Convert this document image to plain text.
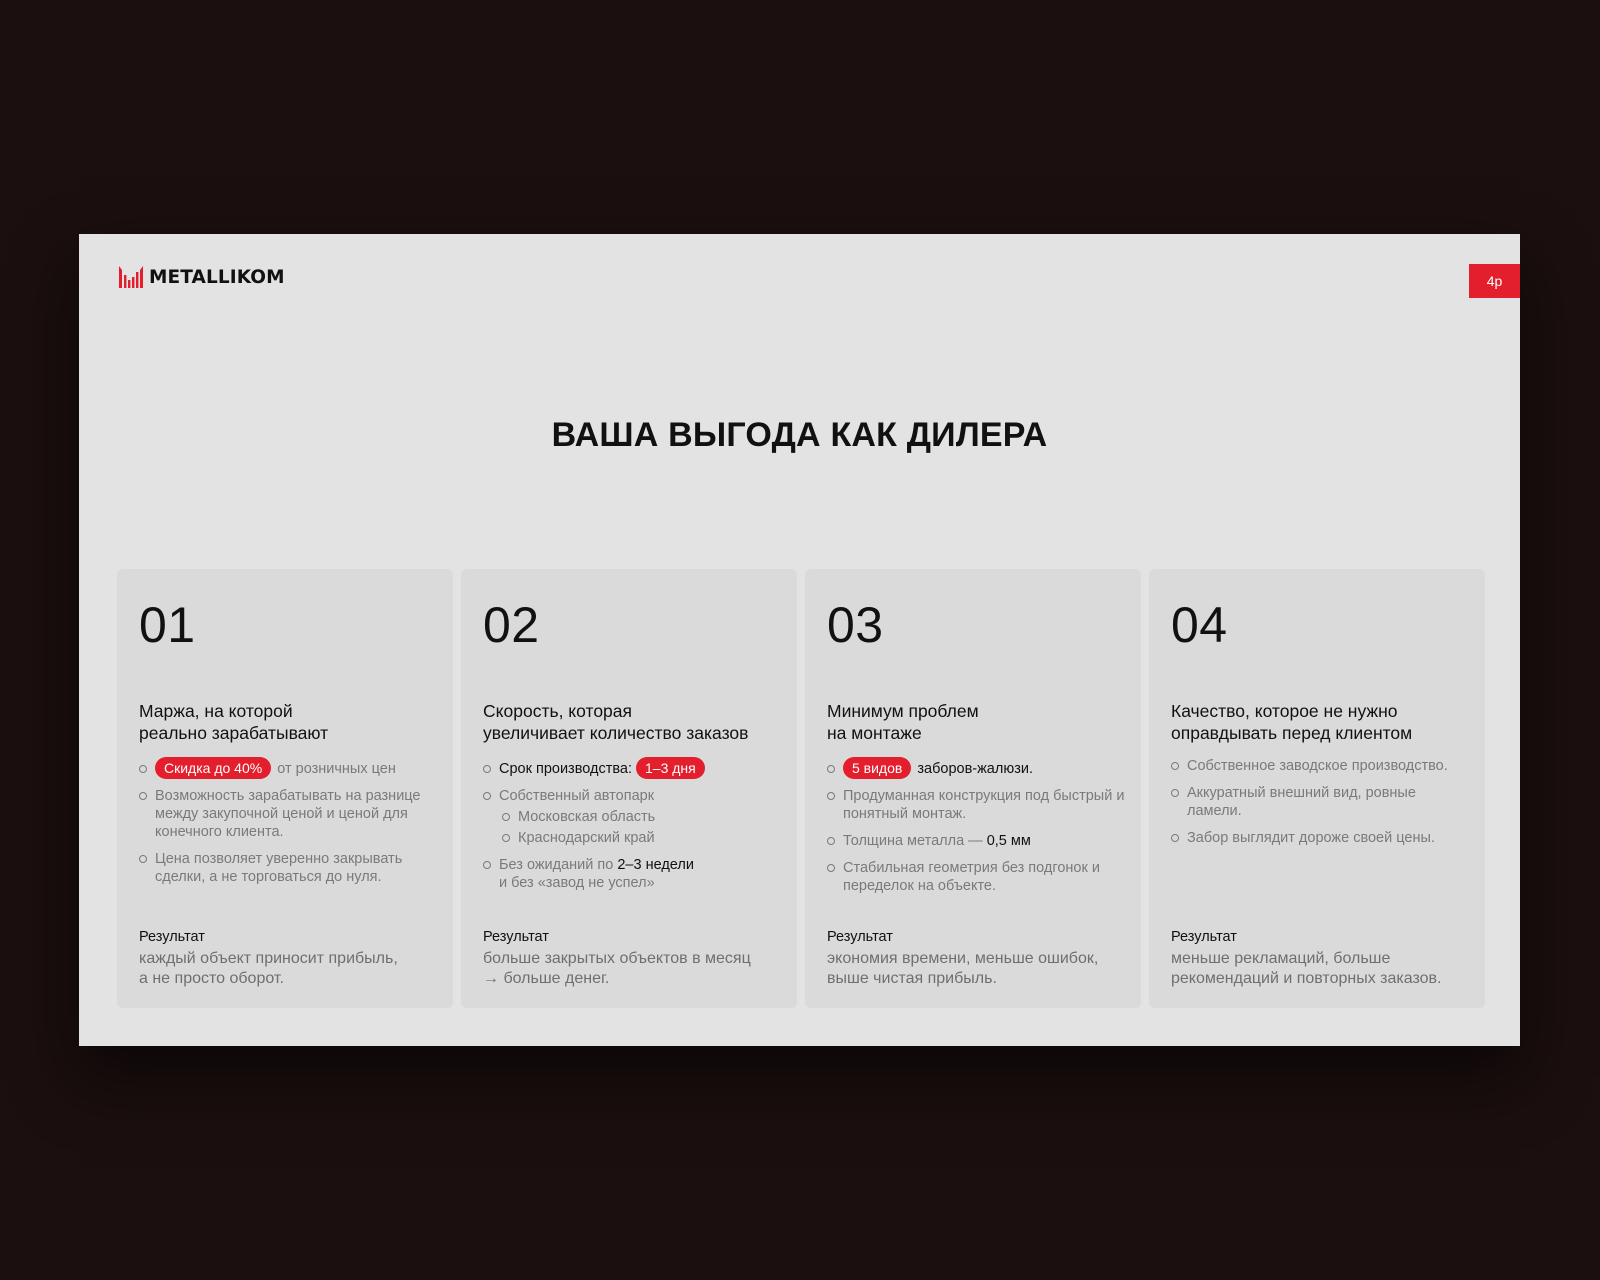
METALLIKOM	4р
ВАША ВЫГОДА КАК ДИЛЕРА
01
Маржа, на которой
реально зарабатывают
Скидка до 40% от розничных цен
Возможность зарабатывать на разнице между закупочной ценой и ценой для конечного клиента.
Цена позволяет уверенно закрывать сделки, а не торговаться до нуля.
Результат
каждый объект приносит прибыль,
а не просто оборот.
02
Скорость, которая
увеличивает количество заказов
Срок производства: 1–3 дня
Собственный автопарк
Московская область
Краснодарский край
Без ожиданий по 2–3 недели
и без «завод не успел»
Результат
больше закрытых объектов в месяц
→ больше денег.
03
Минимум проблем
на монтаже
5 видов заборов-жалюзи.
Продуманная конструкция под быстрый и понятный монтаж.
Толщина металла — 0,5 мм
Стабильная геометрия без подгонок и переделок на объекте.
Результат
экономия времени, меньше ошибок,
выше чистая прибыль.
04
Качество, которое не нужно
оправдывать перед клиентом
Собственное заводское производство.
Аккуратный внешний вид, ровные ламели.
Забор выглядит дороже своей цены.
Результат
меньше рекламаций, больше
рекомендаций и повторных заказов.
